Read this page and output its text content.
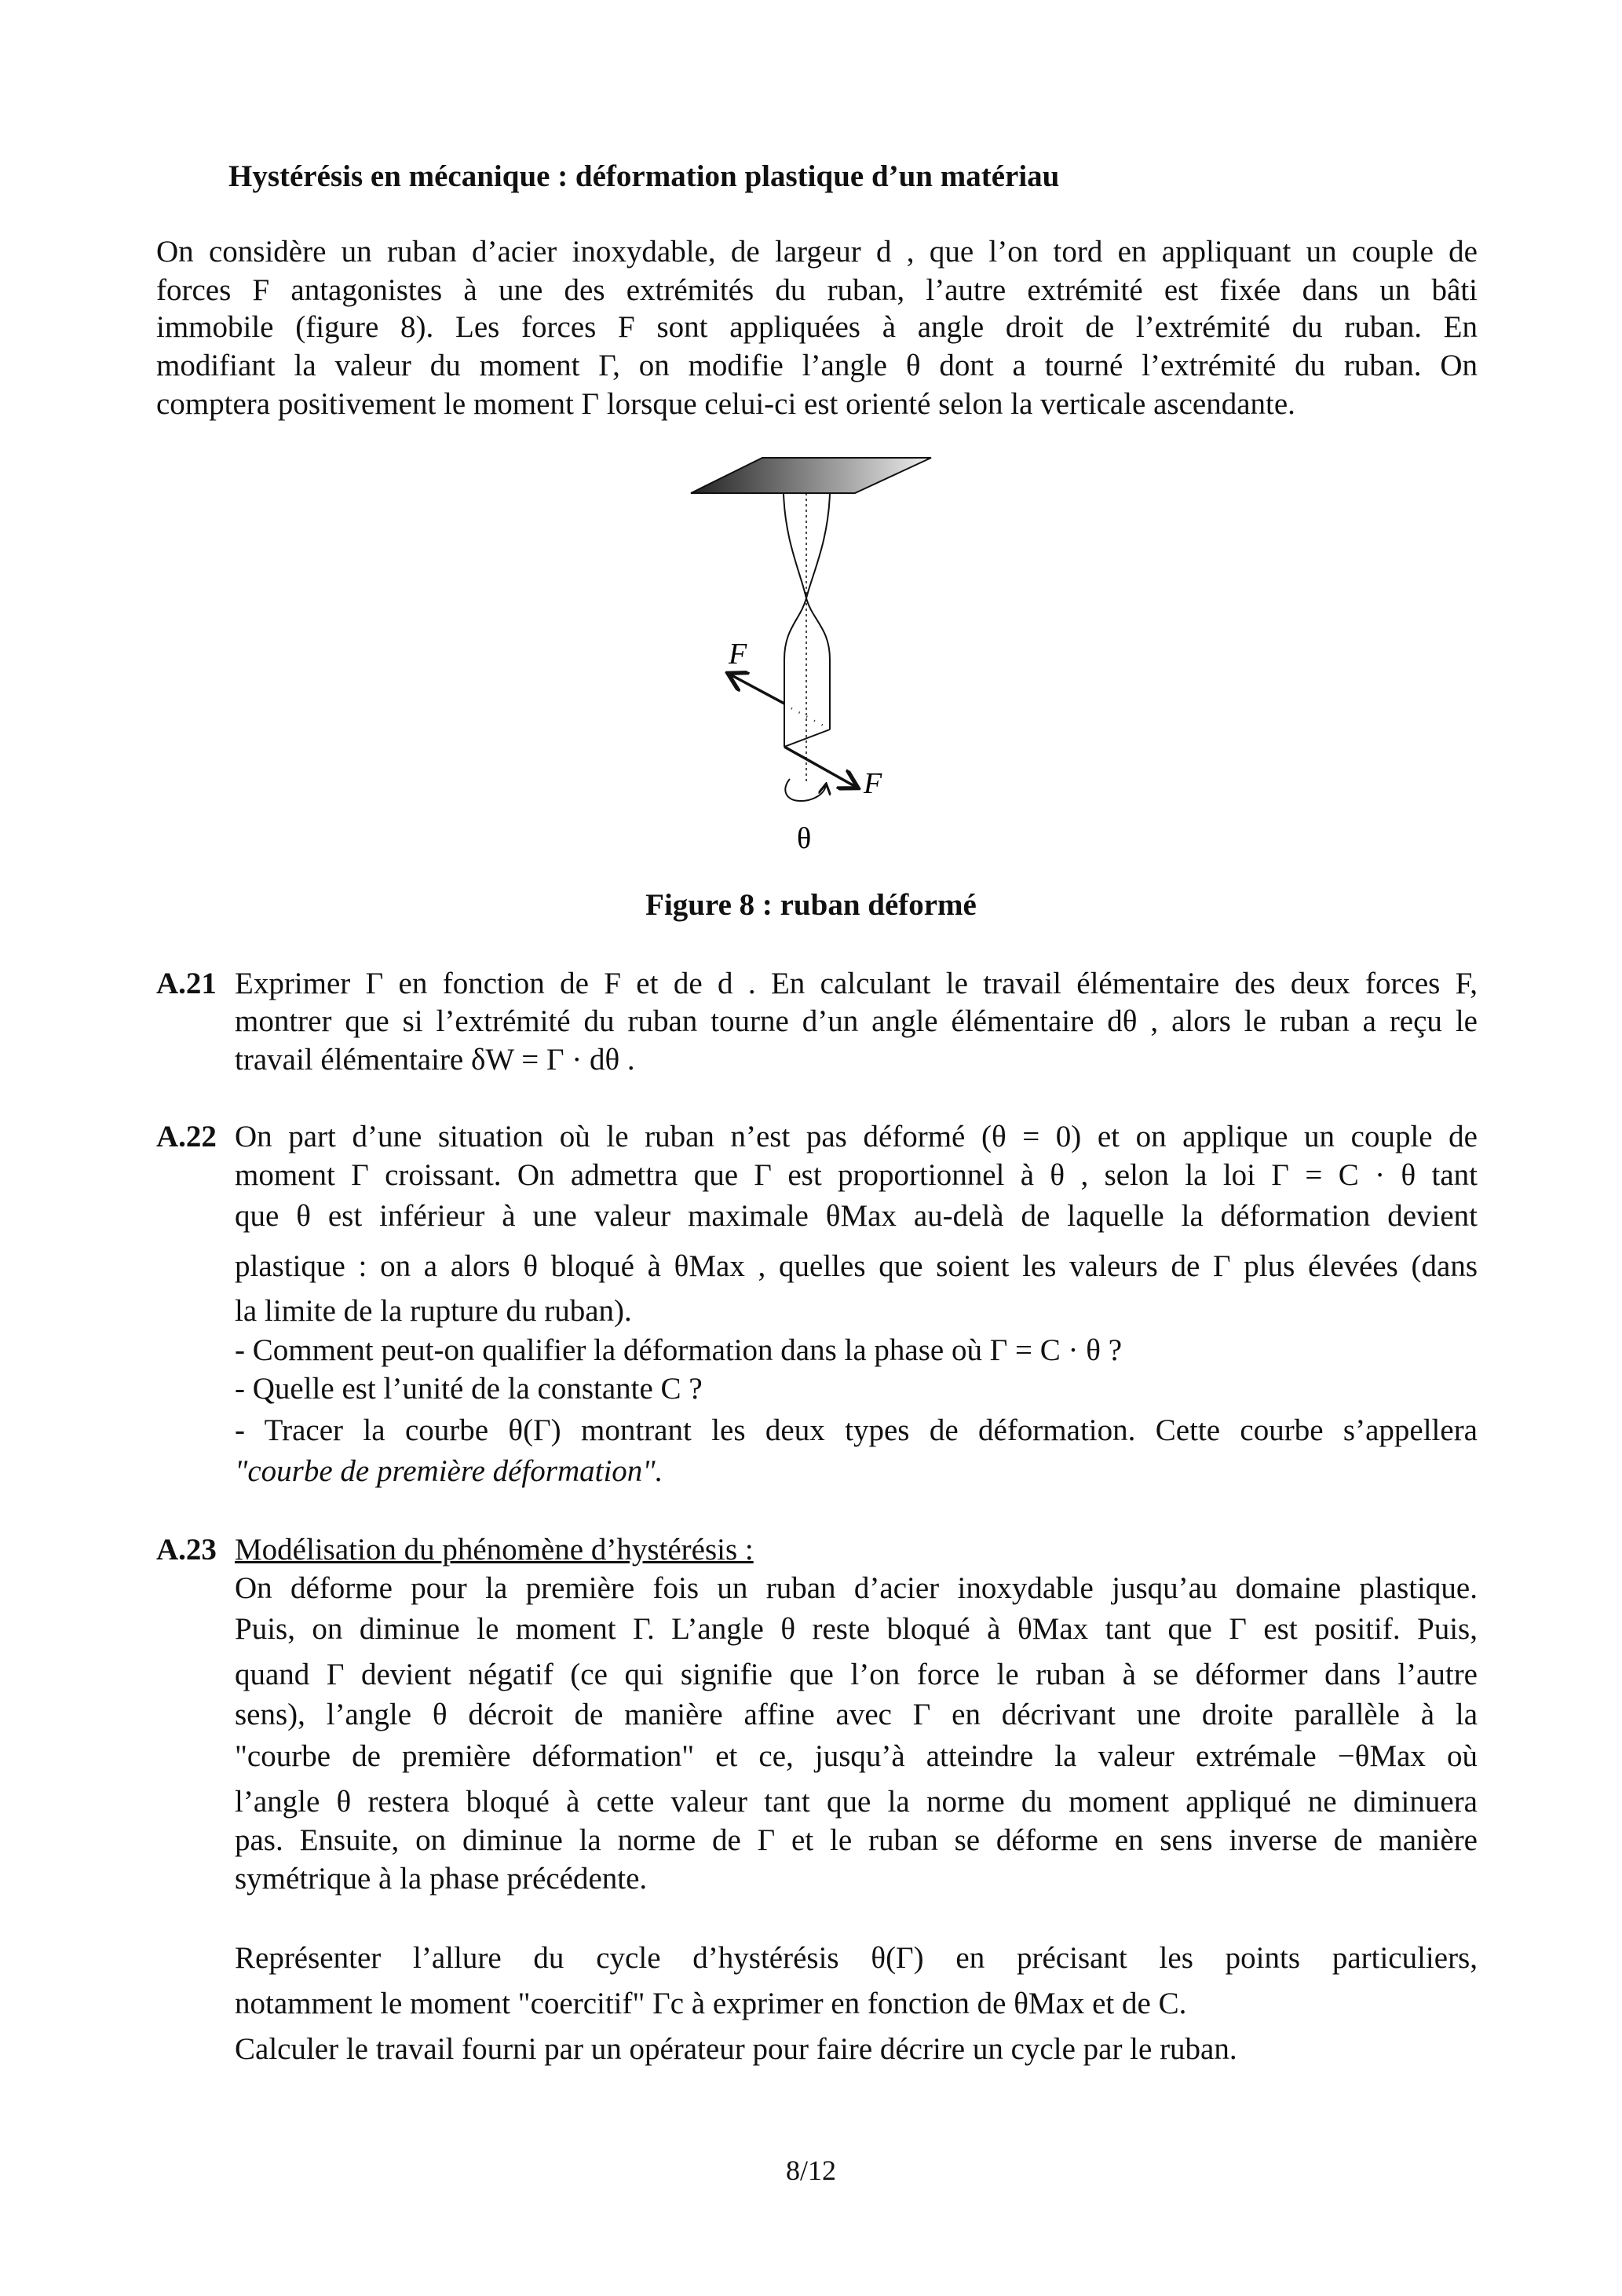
Hystérésis en mécanique : déformation plastique d’un matériau
On considère un ruban d’acier inoxydable, de largeur d , que l’on tord en appliquant un couple de
forces F antagonistes à une des extrémités du ruban, l’autre extrémité est fixée dans un bâti
immobile (figure 8). Les forces F sont appliquées à angle droit de l’extrémité du ruban. En
modifiant la valeur du moment Γ, on modifie l’angle θ dont a tourné l’extrémité du ruban. On
comptera positivement le moment Γ lorsque celui-ci est orienté selon la verticale ascendante.
F
F
θ
Figure 8 : ruban déformé
A.21 Exprimer Γ en fonction de F et de d . En calculant le travail élémentaire des deux forces F,
montrer que si l’extrémité du ruban tourne d’un angle élémentaire dθ , alors le ruban a reçu le
travail élémentaire δW = Γ · dθ .
A.22 On part d’une situation où le ruban n’est pas déformé (θ = 0) et on applique un couple de
moment Γ croissant. On admettra que Γ est proportionnel à θ , selon la loi Γ = C · θ tant
que θ est inférieur à une valeur maximale θMax au-delà de laquelle la déformation devient
plastique : on a alors θ bloqué à θMax , quelles que soient les valeurs de Γ plus élevées (dans
la limite de la rupture du ruban).
- Comment peut-on qualifier la déformation dans la phase où Γ = C · θ ?
- Quelle est l’unité de la constante C ?
- Tracer la courbe θ(Γ) montrant les deux types de déformation. Cette courbe s’appellera
"courbe de première déformation".
A.23 Modélisation du phénomène d’hystérésis :
On déforme pour la première fois un ruban d’acier inoxydable jusqu’au domaine plastique.
Puis, on diminue le moment Γ. L’angle θ reste bloqué à θMax tant que Γ est positif. Puis,
quand Γ devient négatif (ce qui signifie que l’on force le ruban à se déformer dans l’autre
sens), l’angle θ décroit de manière affine avec Γ en décrivant une droite parallèle à la
"courbe de première déformation" et ce, jusqu’à atteindre la valeur extrémale −θMax où
l’angle θ restera bloqué à cette valeur tant que la norme du moment appliqué ne diminuera
pas. Ensuite, on diminue la norme de Γ et le ruban se déforme en sens inverse de manière
symétrique à la phase précédente.
Représenter l’allure du cycle d’hystérésis θ(Γ) en précisant les points particuliers,
notamment le moment "coercitif" Γc à exprimer en fonction de θMax et de C.
Calculer le travail fourni par un opérateur pour faire décrire un cycle par le ruban.
8/12
